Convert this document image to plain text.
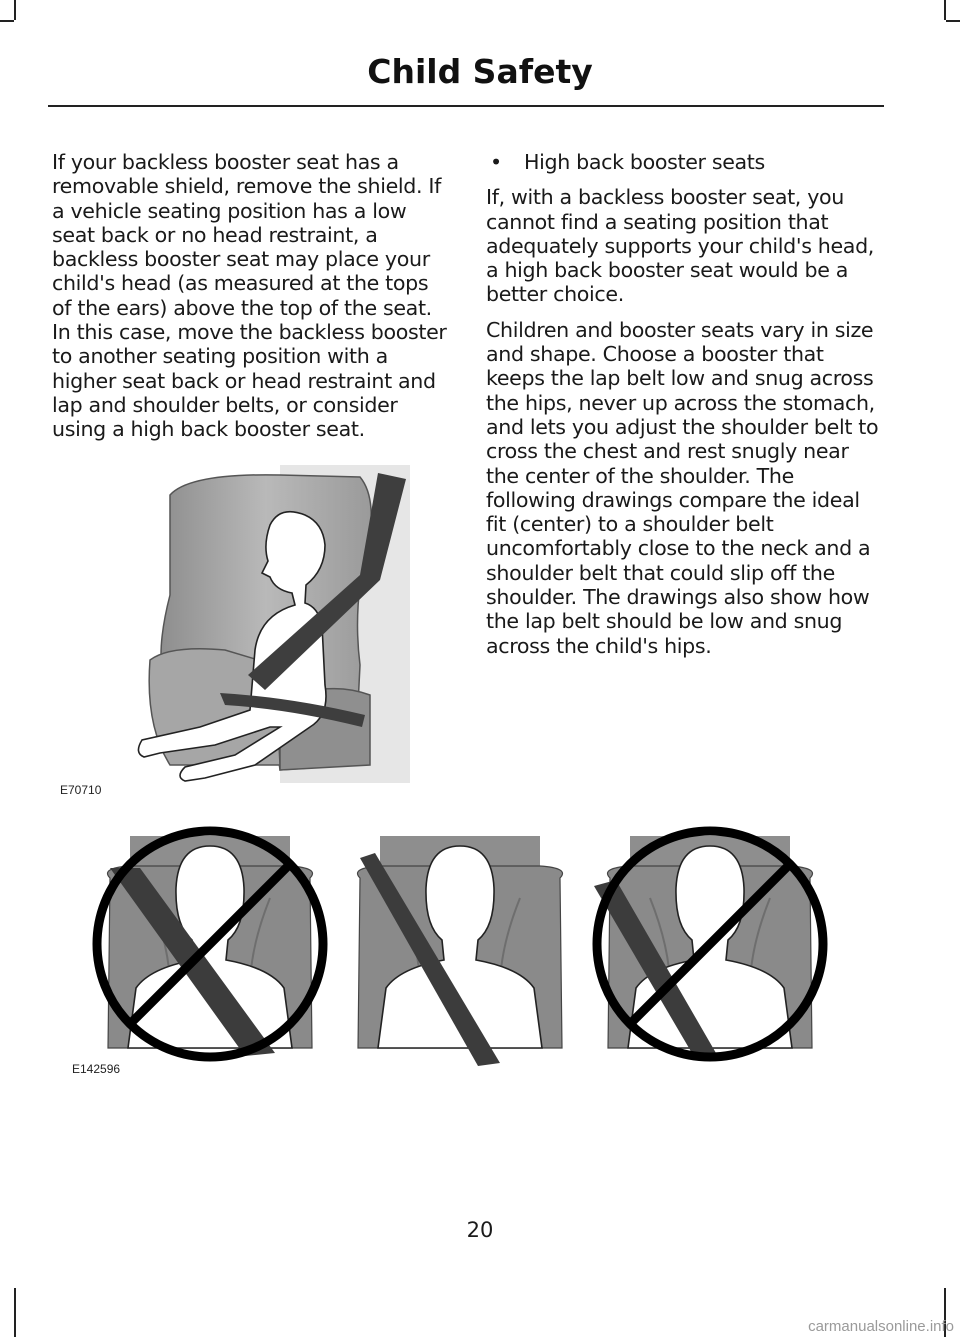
Child Safety

If your backless booster seat has a removable shield, remove the shield. If a vehicle seating position has a low seat back or no head restraint, a backless booster seat may place your child's head (as measured at the tops of the ears) above the top of the seat. In this case, move the backless booster to another seating position with a higher seat back or head restraint and lap and shoulder belts, or consider using a high back booster seat.

•	High back booster seats

If, with a backless booster seat, you cannot find a seating position that adequately supports your child's head, a high back booster seat would be a better choice.

Children and booster seats vary in size and shape. Choose a booster that keeps the lap belt low and snug across the hips, never up across the stomach, and lets you adjust the shoulder belt to cross the chest and rest snugly near the center of the shoulder. The following drawings compare the ideal fit (center) to a shoulder belt uncomfortably close to the neck and a shoulder belt that could slip off the shoulder. The drawings also show how the lap belt should be low and snug across the child's hips.

E70710
E142596
20
carmanualsonline.info
